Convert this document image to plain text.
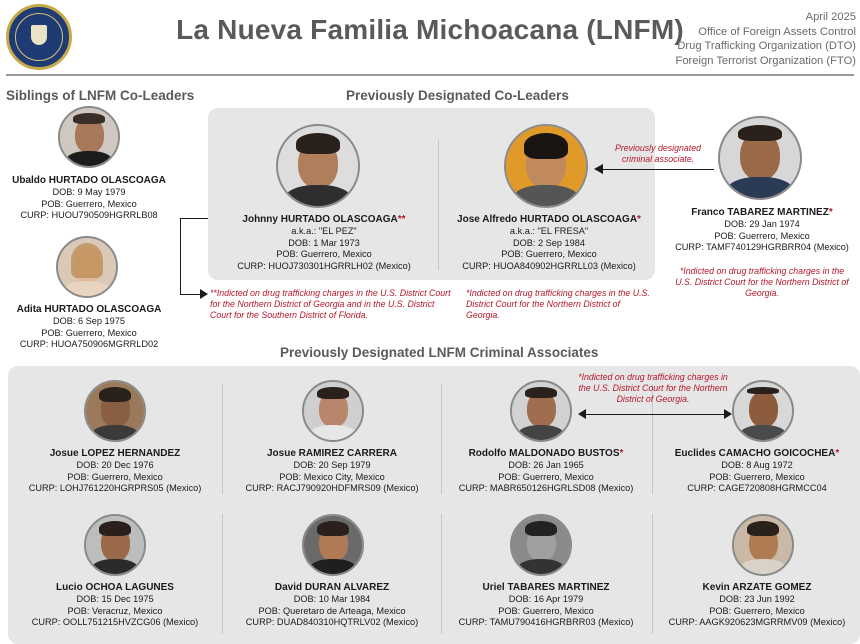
La Nueva Familia Michoacana (LNFM)	April 2025
Office of Foreign Assets Control
Drug Trafficking Organization (DTO)
Foreign Terrorist Organization (FTO)
Siblings of LNFM Co-Leaders	Previously Designated Co-Leaders
Previously Designated LNFM Criminal Associates
Ubaldo HURTADO OLASCOAGA
DOB: 9 May 1979
POB: Guerrero, Mexico
CURP: HUOU790509HGRRLB08
Adita HURTADO OLASCOAGA
DOB: 6 Sep 1975
POB: Guerrero, Mexico
CURP: HUOA750906MGRRLD02
Johnny HURTADO OLASCOAGA**
a.k.a.: "EL PEZ"
DOB: 1 Mar 1973
POB: Guerrero, Mexico
CURP: HUOJ730301HGRRLH02 (Mexico)
Jose Alfredo HURTADO OLASCOAGA*
a.k.a.: "EL FRESA"
DOB: 2 Sep 1984
POB: Guerrero, Mexico
CURP: HUOA840902HGRRLL03 (Mexico)
Franco TABAREZ MARTINEZ*
DOB: 29 Jan 1974
POB: Guerrero, Mexico
CURP: TAMF740129HGRBRR04 (Mexico)
Previously designated criminal associate.
**Indicted on drug trafficking charges in the U.S. District Court for the Northern District of Georgia and in the U.S. District Court for the Southern District of Florida.
*Indicted on drug trafficking charges in the U.S. District Court for the Northern District of Georgia.
*Indicted on drug trafficking charges in the U.S. District Court for the Northern District of Georgia.
Josue LOPEZ HERNANDEZ
DOB: 20 Dec 1976
POB: Guerrero, Mexico
CURP: LOHJ761220HGRPRS05 (Mexico)
Josue RAMIREZ CARRERA
DOB: 20 Sep 1979
POB: Mexico City, Mexico
CURP: RACJ790920HDFMRS09 (Mexico)
Rodolfo MALDONADO BUSTOS*
DOB: 26 Jan 1965
POB: Guerrero, Mexico
CURP: MABR650126HGRLSD08 (Mexico)
Euclides CAMACHO GOICOCHEA*
DOB: 8 Aug 1972
POB: Guerrero, Mexico
CURP: CAGE720808HGRMCC04
*Indicted on drug trafficking charges in the U.S. District Court for the Northern District of Georgia.
Lucio OCHOA LAGUNES
DOB: 15 Dec 1975
POB: Veracruz, Mexico
CURP: OOLL751215HVZCG06 (Mexico)
David DURAN ALVAREZ
DOB: 10 Mar 1984
POB: Queretaro de Arteaga, Mexico
CURP: DUAD840310HQTRLV02 (Mexico)
Uriel TABARES MARTINEZ
DOB: 16 Apr 1979
POB: Guerrero, Mexico
CURP: TAMU790416HGRBRR03 (Mexico)
Kevin ARZATE GOMEZ
DOB: 23 Jun 1992
POB: Guerrero, Mexico
CURP: AAGK920623MGRRMV09 (Mexico)
